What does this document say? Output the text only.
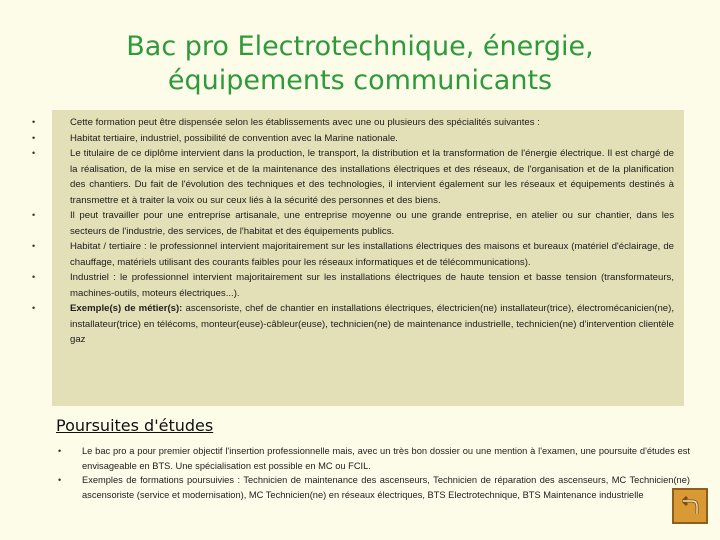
Bac pro Electrotechnique, énergie, équipements communicants
• Cette formation peut être dispensée selon les établissements avec une ou plusieurs des spécialités suivantes :
• Habitat tertiaire, industriel, possibilité de convention avec la Marine nationale.
• Le titulaire de ce diplôme intervient dans la production, le transport, la distribution et la transformation de l'énergie électrique. Il est chargé de la réalisation, de la mise en service et de la maintenance des installations électriques et des réseaux, de l'organisation et de la planification des chantiers. Du fait de l'évolution des techniques et des technologies, il intervient également sur les réseaux et équipements destinés à transmettre et à traiter la voix ou sur ceux liés à la sécurité des personnes et des biens.
• Il peut travailler pour une entreprise artisanale, une entreprise moyenne ou une grande entreprise, en atelier ou sur chantier, dans les secteurs de l'industrie, des services, de l'habitat et des équipements publics.
• Habitat / tertiaire : le professionnel intervient majoritairement sur les installations électriques des maisons et bureaux (matériel d'éclairage, de chauffage, matériels utilisant des courants faibles pour les réseaux informatiques et de télécommunications).
• Industriel : le professionnel intervient majoritairement sur les installations électriques de haute tension et basse tension (transformateurs, machines-outils, moteurs électriques...).
• Exemple(s) de métier(s): ascensoriste, chef de chantier en installations électriques, électricien(ne) installateur(trice), électromécanicien(ne), installateur(trice) en télécoms, monteur(euse)-câbleur(euse), technicien(ne) de maintenance industrielle, technicien(ne) d'intervention clientèle gaz
Poursuites d'études
• Le bac pro a pour premier objectif l'insertion professionnelle mais, avec un très bon dossier ou une mention à l'examen, une poursuite d'études est envisageable en BTS. Une spécialisation est possible en MC ou FCIL.
• Exemples de formations poursuivies : Technicien de maintenance des ascenseurs, Technicien de réparation des ascenseurs, MC Technicien(ne) ascensoriste (service et modernisation), MC Technicien(ne) en réseaux électriques, BTS Electrotechnique, BTS Maintenance industrielle
